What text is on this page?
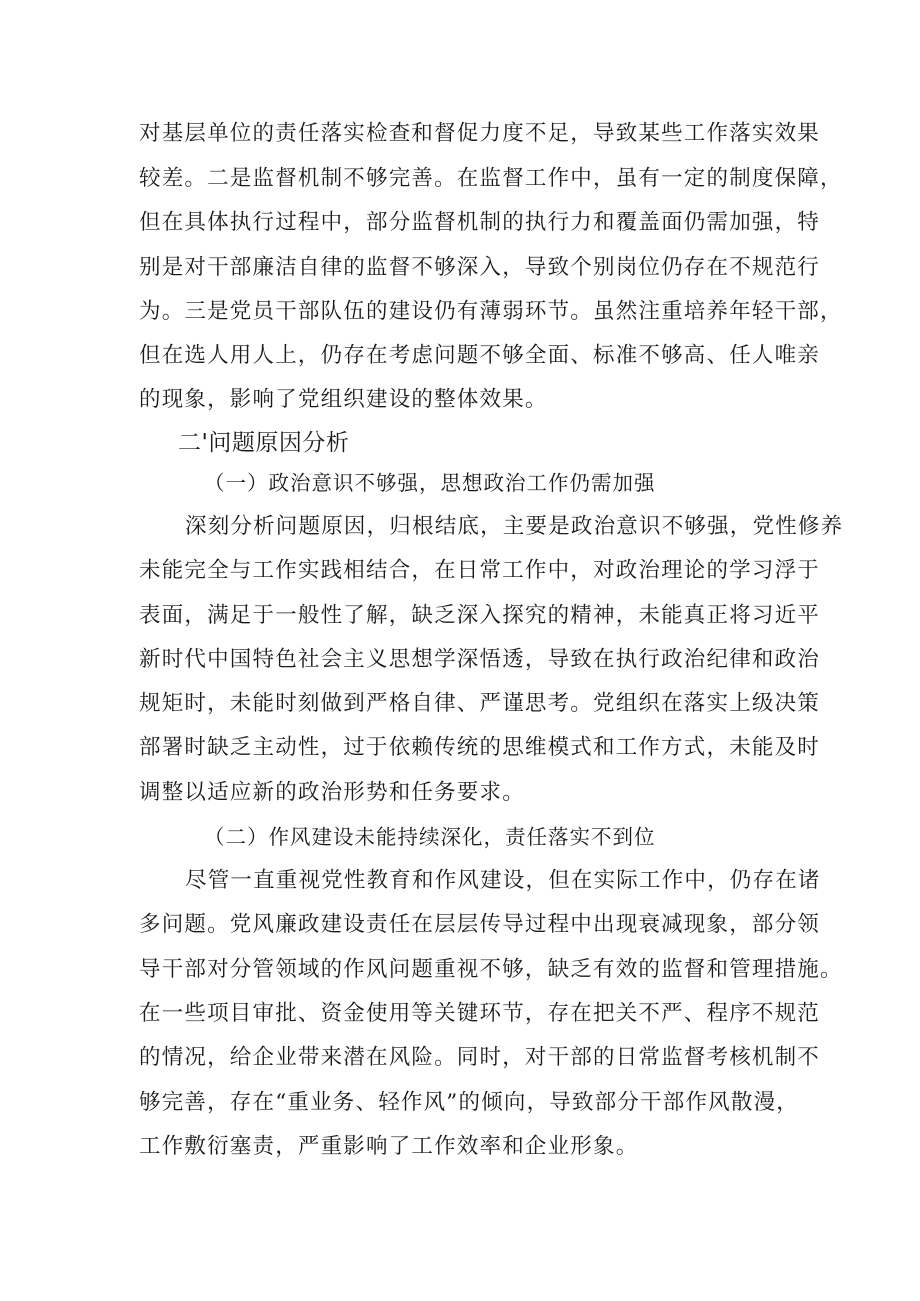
对基层单位的责任落实检查和督促力度不足，导致某些工作落实效果
较差。二是监督机制不够完善。在监督工作中，虽有一定的制度保障，
但在具体执行过程中，部分监督机制的执行力和覆盖面仍需加强，特
别是对干部廉洁自律的监督不够深入，导致个别岗位仍存在不规范行
为。三是党员干部队伍的建设仍有薄弱环节。虽然注重培养年轻干部，
但在选人用人上，仍存在考虑问题不够全面、标准不够高、任人唯亲
的现象，影响了党组织建设的整体效果。
二'问题原因分析
（一）政治意识不够强，思想政治工作仍需加强
深刻分析问题原因，归根结底，主要是政治意识不够强，党性修养
未能完全与工作实践相结合，在日常工作中，对政治理论的学习浮于
表面，满足于一般性了解，缺乏深入探究的精神，未能真正将习近平
新时代中国特色社会主义思想学深悟透，导致在执行政治纪律和政治
规矩时，未能时刻做到严格自律、严谨思考。党组织在落实上级决策
部署时缺乏主动性，过于依赖传统的思维模式和工作方式，未能及时
调整以适应新的政治形势和任务要求。
（二）作风建设未能持续深化，责任落实不到位
尽管一直重视党性教育和作风建设，但在实际工作中，仍存在诸
多问题。党风廉政建设责任在层层传导过程中出现衰减现象，部分领
导干部对分管领域的作风问题重视不够，缺乏有效的监督和管理措施。
在一些项目审批、资金使用等关键环节，存在把关不严、程序不规范
的情况，给企业带来潜在风险。同时，对干部的日常监督考核机制不
够完善，存在“重业务、轻作风”的倾向，导致部分干部作风散漫，
工作敷衍塞责，严重影响了工作效率和企业形象。
